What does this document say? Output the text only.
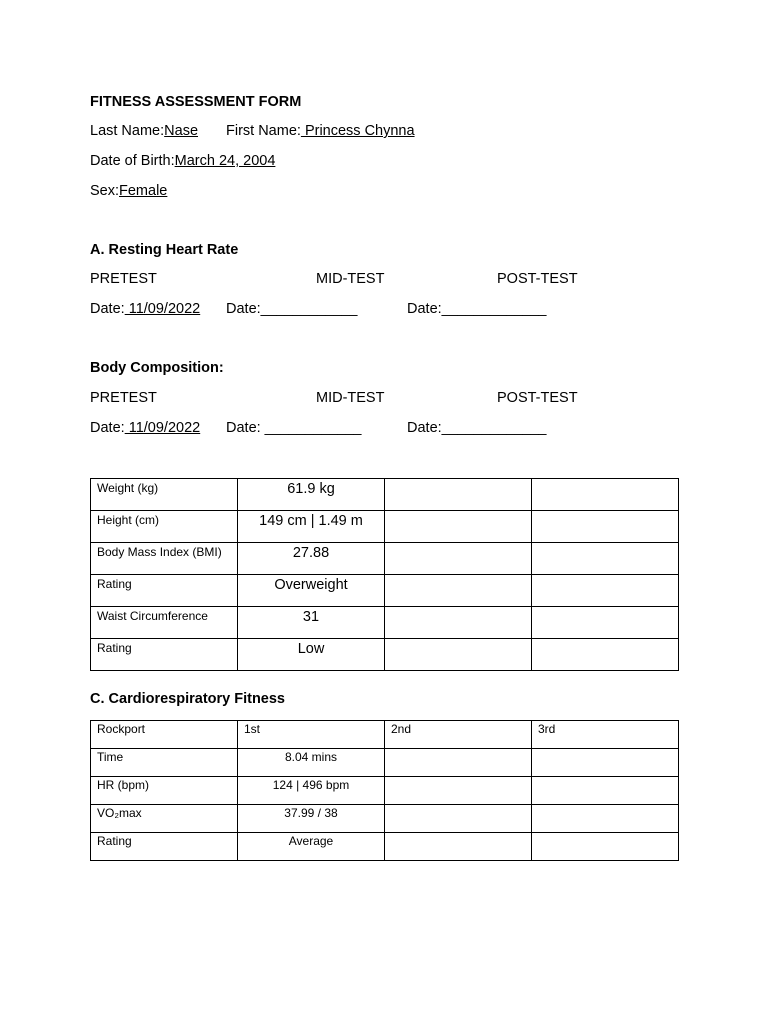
FITNESS ASSESSMENT FORM
Last Name:Nase First Name: Princess Chynna
Date of Birth:March 24, 2004
Sex:Female
A. Resting Heart Rate
PRETEST	MID-TEST	POST-TEST
Date: 11/09/2022 Date:____________	Date:_____________
Body Composition:
PRETEST	MID-TEST	POST-TEST
Date: 11/09/2022 Date: ____________	Date:_____________
Weight (kg)	61.9 kg		
Height (cm)	149 cm | 1.49 m		
Body Mass Index (BMI)	27.88		
Rating	Overweight		
Waist Circumference	31		
Rating	Low		
C. Cardiorespiratory Fitness
Rockport	1st	2nd	3rd
Time	8.04 mins		
HR (bpm)	124 | 496 bpm		
VO₂max	37.99 / 38		
Rating	Average		
